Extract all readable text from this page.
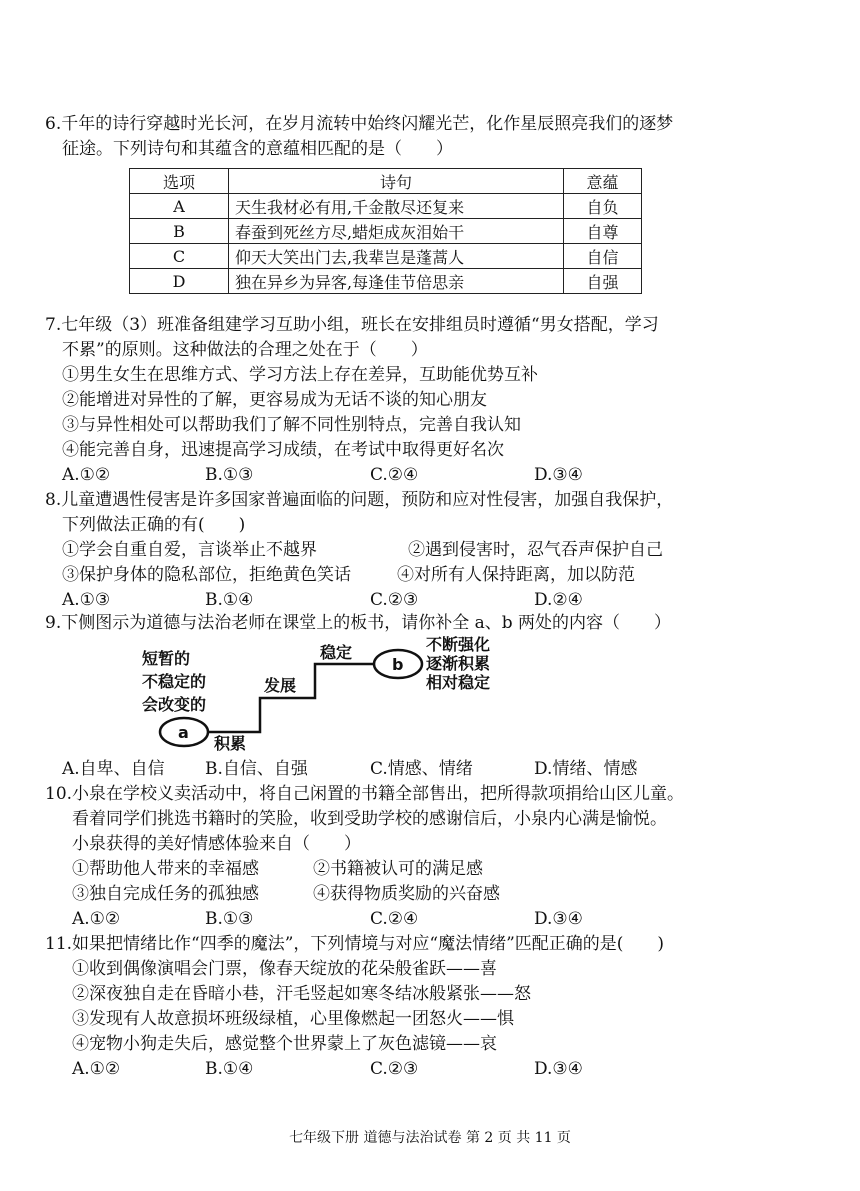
6.千年的诗行穿越时光长河，在岁月流转中始终闪耀光芒，化作星辰照亮我们的逐梦
征途。下列诗句和其蕴含的意蕴相匹配的是（　　）
选项	诗句	意蕴
A	天生我材必有用,千金散尽还复来	自负
B	春蚕到死丝方尽,蜡炬成灰泪始干	自尊
C	仰天大笑出门去,我辈岂是蓬蒿人	自信
D	独在异乡为异客,每逢佳节倍思亲	自强
7.七年级（3）班准备组建学习互助小组，班长在安排组员时遵循“男女搭配，学习
不累”的原则。这种做法的合理之处在于（　　）
①男生女生在思维方式、学习方法上存在差异，互助能优势互补
②能增进对异性的了解，更容易成为无话不谈的知心朋友
③与异性相处可以帮助我们了解不同性别特点，完善自我认知
④能完善自身，迅速提高学习成绩，在考试中取得更好名次
A.①②	B.①③	C.②④	D.③④
8.儿童遭遇性侵害是许多国家普遍面临的问题，预防和应对性侵害，加强自我保护，
下列做法正确的有(　　)
①学会自重自爱，言谈举止不越界	②遇到侵害时，忍气吞声保护自己
③保护身体的隐私部位，拒绝黄色笑话	④对所有人保持距离，加以防范
A.①③	B.①④	C.②③	D.②④
9.下侧图示为道德与法治老师在课堂上的板书，请你补全 a、b 两处的内容（　　）
短暂的
不稳定的
会改变的
a
积累
发展
稳定
b
不断强化
逐渐积累
相对稳定
A.自卑、自信 B.自信、自强	C.情感、情绪	D.情绪、情感
10.小泉在学校义卖活动中，将自己闲置的书籍全部售出，把所得款项捐给山区儿童。
看着同学们挑选书籍时的笑脸，收到受助学校的感谢信后，小泉内心满是愉悦。
小泉获得的美好情感体验来自（　　）
①帮助他人带来的幸福感	②书籍被认可的满足感
③独自完成任务的孤独感	④获得物质奖励的兴奋感
A.①②	B.①③	C.②④	D.③④
11.如果把情绪比作“四季的魔法”，下列情境与对应“魔法情绪”匹配正确的是(　　)
①收到偶像演唱会门票，像春天绽放的花朵般雀跃——喜
②深夜独自走在昏暗小巷，汗毛竖起如寒冬结冰般紧张——怒
③发现有人故意损坏班级绿植，心里像燃起一团怒火——惧
④宠物小狗走失后，感觉整个世界蒙上了灰色滤镜——哀
A.①②	B.①④	C.②③	D.③④
七年级下册 道德与法治试卷 第 2 页 共 11 页
